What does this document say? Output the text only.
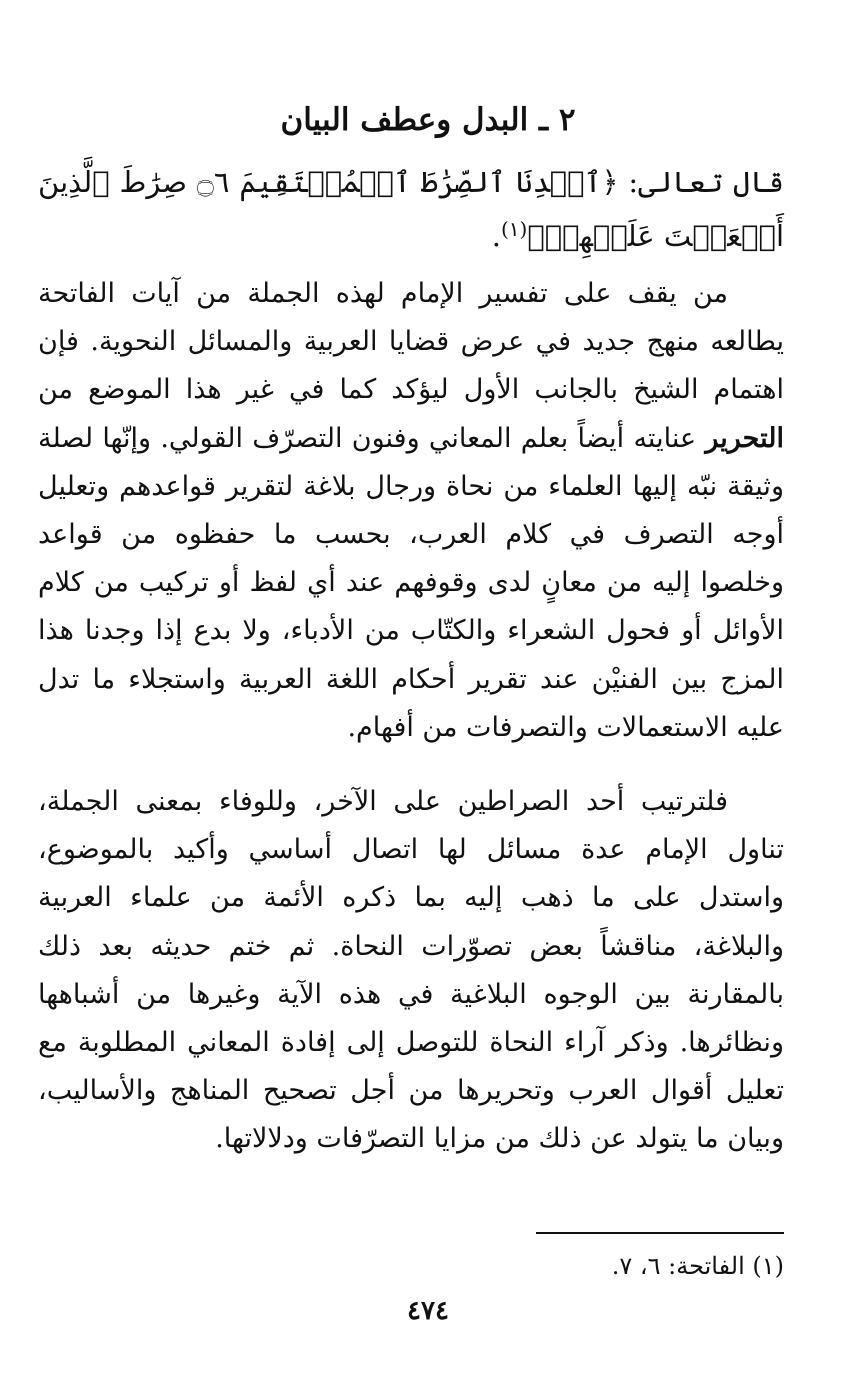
٢ ـ البدل وعطف البيان
قال تعالى: ﴿ٱهۡدِنَا ٱلصِّرَٰطَ ٱلۡمُسۡتَقِيمَ ۝٦ صِرَٰطَ ٱلَّذِينَ أَنۡعَمۡتَ عَلَيۡهِمۡ﴾$^{(١)}$.

من يقف على تفسير الإمام لهذه الجملة من آيات الفاتحة يطالعه منهج جديد في عرض قضايا العربية والمسائل النحوية. فإن اهتمام الشيخ بالجانب الأول ليؤكد كما في غير هذا الموضع من التحرير عنايته أيضاً بعلم المعاني وفنون التصرّف القولي. وإنّها لصلة وثيقة نبّه إليها العلماء من نحاة ورجال بلاغة لتقرير قواعدهم وتعليل أوجه التصرف في كلام العرب، بحسب ما حفظوه من قواعد وخلصوا إليه من معانٍ لدى وقوفهم عند أي لفظ أو تركيب من كلام الأوائل أو فحول الشعراء والكتّاب من الأدباء، ولا بدع إذا وجدنا هذا المزج بين الفنيْن عند تقرير أحكام اللغة العربية واستجلاء ما تدل عليه الاستعمالات والتصرفات من أفهام.

فلترتيب أحد الصراطين على الآخر، وللوفاء بمعنى الجملة، تناول الإمام عدة مسائل لها اتصال أساسي وأكيد بالموضوع، واستدل على ما ذهب إليه بما ذكره الأئمة من علماء العربية والبلاغة، مناقشاً بعض تصوّرات النحاة. ثم ختم حديثه بعد ذلك بالمقارنة بين الوجوه البلاغية في هذه الآية وغيرها من أشباهها ونظائرها. وذكر آراء النحاة للتوصل إلى إفادة المعاني المطلوبة مع تعليل أقوال العرب وتحريرها من أجل تصحيح المناهج والأساليب، وبيان ما يتولد عن ذلك من مزايا التصرّفات ودلالاتها.

(١) الفاتحة: ٦، ٧.
٤٧٤
